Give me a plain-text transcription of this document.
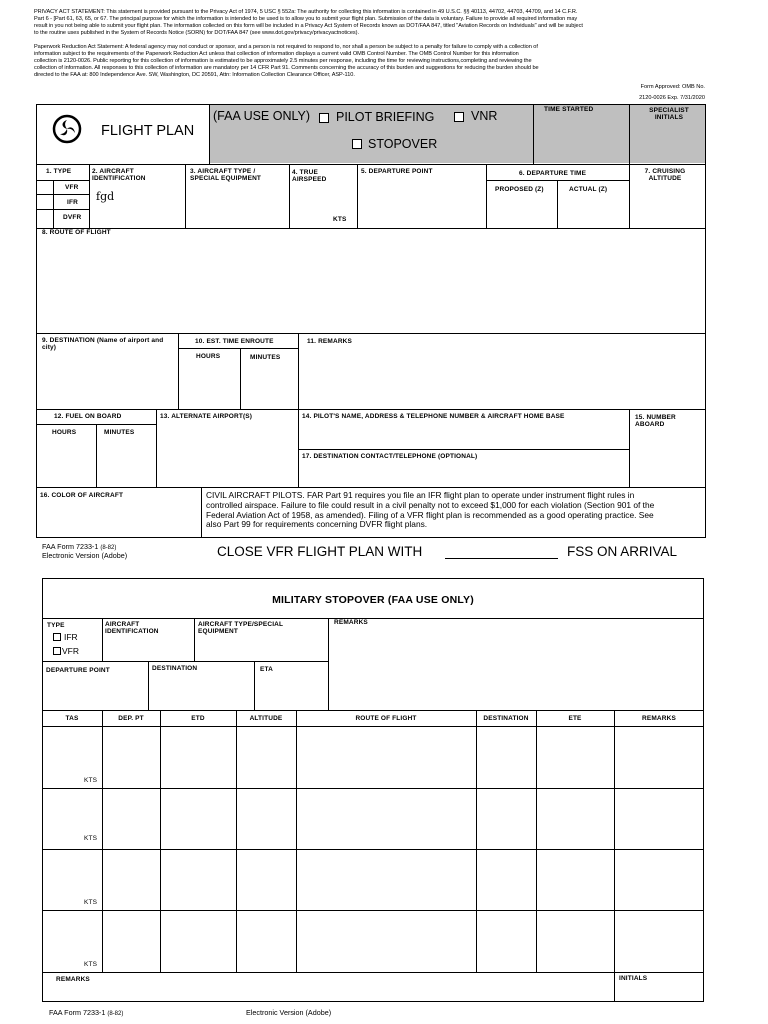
PRIVACY ACT STATEMENT: This statement is provided pursuant to the Privacy Act of 1974, 5 USC § 552a: The authority for collecting this information is contained in 49 U.S.C. §§ 40113, 44702, 44703, 44709, and 14 C.F.R.
Part 6 - [Part 61, 63, 65, or 67. The principal purpose for which the information is intended to be used is to allow you to submit your flight plan. Submission of the data is voluntary. Failure to provide all required information may
result in you not being able to submit your flight plan. The information collected on this form will be included in a Privacy Act System of Records known as DOT/FAA 847, titled "Aviation Records on Individuals" and will be subject
to the routine uses published in the System of Records Notice (SORN) for DOT/FAA 847 (see www.dot.gov/privacy/privacyactnotices).
Paperwork Reduction Act Statement: A federal agency may not conduct or sponsor, and a person is not required to respond to, nor shall a person be subject to a penalty for failure to comply with a collection of
information subject to the requirements of the Paperwork Reduction Act unless that collection of information displays a current valid OMB Control Number. The OMB Control Number for this information
collection is 2120-0026. Public reporting for this collection of information is estimated to be approximately 2.5 minutes per response, including the time for reviewing instructions,completing and reviewing the
collection of information. All responses to this collection of information are mandatory per 14 CFR Part 91. Comments concerning the accuracy of this burden and suggestions for reducing the burden should be
directed to the FAA at: 800 Independence Ave. SW, Washington, DC 20591, Attn: Information Collection Clearance Officer, ASP-110.
Form Approved: OMB No.
2120-0026 Exp. 7/31/2020
FLIGHT PLAN
(FAA USE ONLY) PILOT BRIEFING	VNR
STOPOVER
TIME STARTED	SPECIALIST INITIALS
1. TYPE
VFR
IFR
DVFR
2. AIRCRAFT IDENTIFICATION
fgd
3. AIRCRAFT TYPE / SPECIAL EQUIPMENT
4. TRUE AIRSPEED
KTS
5. DEPARTURE POINT	6. DEPARTURE TIME
PROPOSED (Z)	ACTUAL (Z)
7. CRUISING ALTITUDE
8. ROUTE OF FLIGHT
9. DESTINATION (Name of airport and city)
10. EST. TIME ENROUTE
HOURS	MINUTES
11. REMARKS
12. FUEL ON BOARD
HOURS	MINUTES
13. ALTERNATE AIRPORT(S)	14. PILOT'S NAME, ADDRESS & TELEPHONE NUMBER & AIRCRAFT HOME BASE	15. NUMBER ABOARD
17. DESTINATION CONTACT/TELEPHONE (OPTIONAL)
16. COLOR OF AIRCRAFT	CIVIL AIRCRAFT PILOTS. FAR Part 91 requires you file an IFR flight plan to operate under instrument flight rules in
controlled airspace. Failure to file could result in a civil penalty not to exceed $1,000 for each violation (Section 901 of the
Federal Aviation Act of 1958, as amended). Filing of a VFR flight plan is recommended as a good operating practice. See
also Part 99 for requirements concerning DVFR flight plans.
FAA Form 7233-1 (8-82)
Electronic Version (Adobe)	CLOSE VFR FLIGHT PLAN WITH	FSS ON ARRIVAL
MILITARY STOPOVER (FAA USE ONLY)
TYPE
IFR
VFR
AIRCRAFT IDENTIFICATION
AIRCRAFT TYPE/SPECIAL EQUIPMENT
REMARKS
DEPARTURE POINT	DESTINATION	ETA
TAS	DEP. PT	ETD	ALTITUDE	ROUTE OF FLIGHT	DESTINATION	ETE	REMARKS
KTS
KTS
KTS
KTS
REMARKS	INITIALS
FAA Form 7233-1 (8-82)	Electronic Version (Adobe)
